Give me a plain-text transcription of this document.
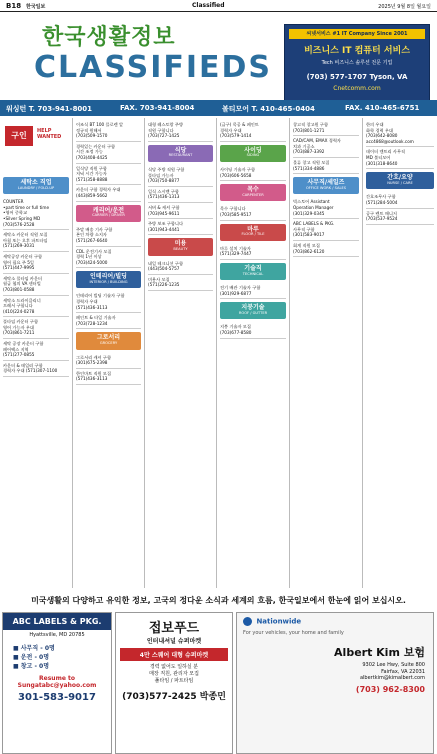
B18 한국일보	Classified	2025년 9월 8일 월요일
한국생활정보
CLASSIFIEDS
씨넷서비스 #1 IT Company Since 2001
비즈니스 IT 컴퓨터 서비스
Tech 비즈니스 솔루션 전문 기업
(703) 577-1707 Tyson, VA
Cnetcomm.com
워싱턴 T. 703-941-8001	FAX. 703-941-8004	볼티모어 T. 410-465-0404	FAX. 410-465-6751
구인	HELP WANTED
세탁소 직업
LAUNDRY / FOLD-UP
COUNTER
•part time or full time
•영어 중학교
•Silver Spring MD
(703)576-2528
세탁소 카운터 직원 모집
아침 또는 오후 파트타임
(571)269-3031
세탁공장 카운터 구함
영어 필요 주 5일
(571)447-9995
세탁소 풀타임 카운터
월급 협의 VA 센터빌
(703)801-0588
세탁소 드라이클리너
프레서 구합니다
(410)224-0278
풀타임 카운터 구함
영어 가능자 우대
(703)861-7211
세탁 공장 카운터 구함
페어팩스 지역
(571)277-0855
카운터 & 테일러 구함
경력자 우대 (571)307-1100
이조식 BT 100 플로렌 앞
정규직 원해서
(703)509-1570
경력있는 카운터 구함
시간 조정 가능
(703)408-4425
일식당 직원 구함
저녁 시간 가능자
(571)358-8888
카운터 구함 경력자 우대
(443)859-5662
캐리어/운전
CARRIER / DRIVER
주말 배송 기사 구함
본인 차량 소지자
(571)267-6640
CDL 운전기사 모집
경력 1년 이상
(703)424-5000
인테리어/빌딩
INTERIOR / BUILDING
인테리어 빌딩 기술자 구함
경력자 우대
(571)436-3113
페인트 & 타일 기술자
(703)728-1234
그로서리
GROCERY
그로서리 캐셔 구함
(301)675-2398
한인마트 직원 모집
(571)436-3113
대형 레스토랑 주방
직원 구합니다
(703)727-1425
식당
RESTAURANT
식당 주방 직원 구함
풀타임 가능자
(703)750-8877
일식 스시맨 구함
(571)436-1313
서버 & 캐셔 구함
(703)945-9611
주방 보조 구합니다
(301)943-4441
미용
BEAUTY
네일 테크니션 구함
(443)504-5757
미용사 모집
(571)226-1235
(급구) 목공 & 페인트
경력자 우대
(703)579-1414
사이딩
SIDING
사이딩 기술자 구함
(703)606-5658
목수
CARPENTER
목수 구합니다
(703)585-9517
마루
FLOOR / TILE
마루 설치 기술자
(571)329-7447
기술직
TECHNICAL
전기 배관 기술자 구함
(301)929-6877
지붕기술
ROOF / GUTTER
지붕 기술자 모집
(703)677-8580
창고직 창고원 구함
(703)801-1271
CAD/CAM, EMAX 경력자
치과 기공소
(703)887-3392
물류 창고 직원 모집
(571)334-4886
사무직/세일즈
OFFICE WORK / SALES
빅스토어 Assistant
Operation Manager
(301)329-0345
ABC LABELS & PKG.
사무직 구함
(301)583-9017
회계 직원 모집
(703)862-6120
한의 우대
화학 경력 우대
(703)642-8080
acc4868@outlook.com
데이터 엔트리 사무직
MD 볼티모어
(301)318-8640
간호/요양
NURSE / CARE
간호조무사 구함
(571)284-5004
공구 렌트 매니저
(703)537-9524
미국생활의 다양하고 유익한 정보, 고국의 정다운 소식과 세계의 흐름, 한국일보에서 한눈에 읽어 보십시오.
ABC LABELS & PKG.
Hyattsville, MD 20785
■ 사무직 - 0명
■ 운전 - 0명
■ 창고 - 0명
Resume to
Sungatabc@yahoo.com
301-583-9017
접보푸드
인터내셔널 슈퍼마켓
4만 스퀘어 대형 슈퍼마켓
경력 없어도 일하실 분
매장 직원, 관리자 모집
풀타임 / 파트타임
(703)577-2425 박종민
Nationwide
For your vehicles, your home and family
Albert Kim 보험
9302 Lee Hwy, Suite 800
Fairfax, VA 22031
albertkim@kimalbert.com
(703) 962-8300
